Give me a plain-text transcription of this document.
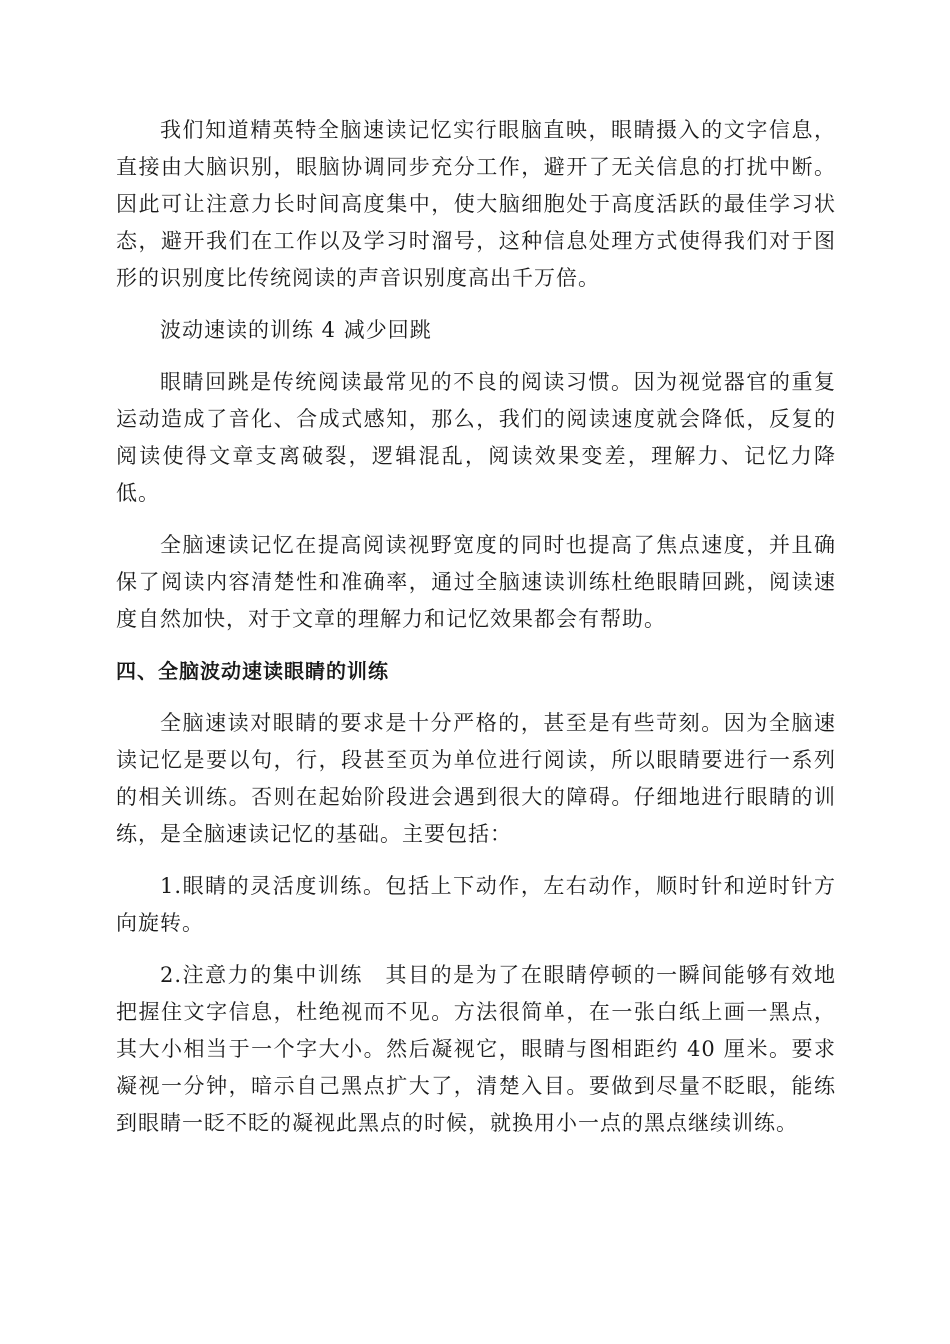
我们知道精英特全脑速读记忆实行眼脑直映，眼睛摄入的文字信息，直接由大脑识别，眼脑协调同步充分工作，避开了无关信息的打扰中断。因此可让注意力长时间高度集中，使大脑细胞处于高度活跃的最佳学习状态，避开我们在工作以及学习时溜号，这种信息处理方式使得我们对于图形的识别度比传统阅读的声音识别度高出千万倍。

波动速读的训练 4 减少回跳

眼睛回跳是传统阅读最常见的不良的阅读习惯。因为视觉器官的重复运动造成了音化、合成式感知，那么，我们的阅读速度就会降低，反复的阅读使得文章支离破裂，逻辑混乱，阅读效果变差，理解力、记忆力降低。

全脑速读记忆在提高阅读视野宽度的同时也提高了焦点速度，并且确保了阅读内容清楚性和准确率，通过全脑速读训练杜绝眼睛回跳，阅读速度自然加快，对于文章的理解力和记忆效果都会有帮助。

四、全脑波动速读眼睛的训练

全脑速读对眼睛的要求是十分严格的，甚至是有些苛刻。因为全脑速读记忆是要以句，行，段甚至页为单位进行阅读，所以眼睛要进行一系列的相关训练。否则在起始阶段进会遇到很大的障碍。仔细地进行眼睛的训练，是全脑速读记忆的基础。主要包括：

1.眼睛的灵活度训练。包括上下动作，左右动作，顺时针和逆时针方向旋转。

2.注意力的集中训练　其目的是为了在眼睛停顿的一瞬间能够有效地把握住文字信息，杜绝视而不见。方法很简单，在一张白纸上画一黑点，其大小相当于一个字大小。然后凝视它，眼睛与图相距约 40 厘米。要求凝视一分钟，暗示自己黑点扩大了，清楚入目。要做到尽量不眨眼，能练到眼睛一眨不眨的凝视此黑点的时候，就换用小一点的黑点继续训练。
